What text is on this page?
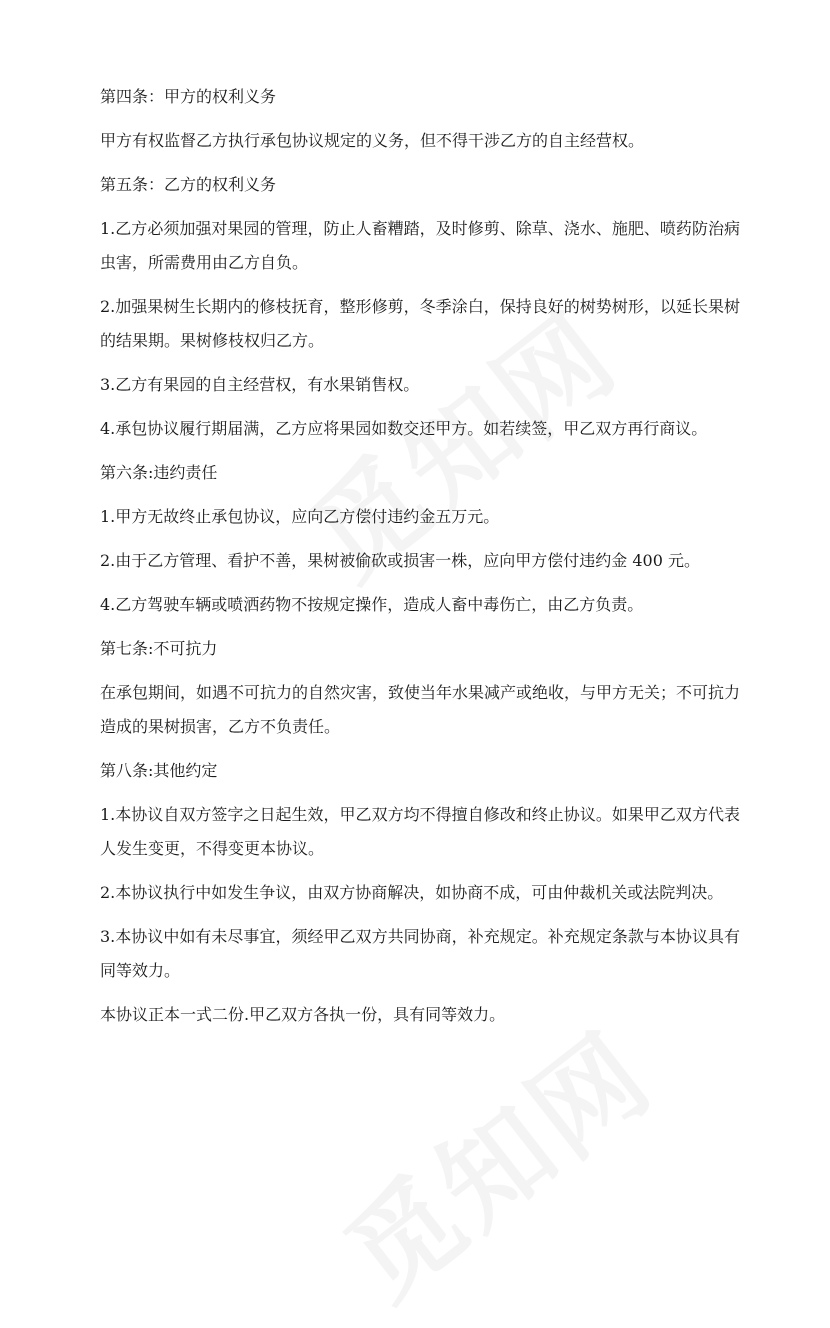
第四条：甲方的权利义务

甲方有权监督乙方执行承包协议规定的义务，但不得干涉乙方的自主经营权。

第五条：乙方的权利义务

1.乙方必须加强对果园的管理，防止人畜糟踏，及时修剪、除草、浇水、施肥、喷药防治病虫害，所需费用由乙方自负。

2.加强果树生长期内的修枝抚育，整形修剪，冬季涂白，保持良好的树势树形，以延长果树的结果期。果树修枝权归乙方。

3.乙方有果园的自主经营权，有水果销售权。

4.承包协议履行期届满，乙方应将果园如数交还甲方。如若续签，甲乙双方再行商议。

第六条:违约责任

1.甲方无故终止承包协议，应向乙方偿付违约金五万元。

2.由于乙方管理、看护不善，果树被偷砍或损害一株，应向甲方偿付违约金 400 元。

4.乙方驾驶车辆或喷洒药物不按规定操作，造成人畜中毒伤亡，由乙方负责。

第七条:不可抗力

在承包期间，如遇不可抗力的自然灾害，致使当年水果减产或绝收，与甲方无关；不可抗力造成的果树损害，乙方不负责任。

第八条:其他约定

1.本协议自双方签字之日起生效，甲乙双方均不得擅自修改和终止协议。如果甲乙双方代表人发生变更，不得变更本协议。

2.本协议执行中如发生争议，由双方协商解决，如协商不成，可由仲裁机关或法院判决。

3.本协议中如有未尽事宜，须经甲乙双方共同协商，补充规定。补充规定条款与本协议具有同等效力。

本协议正本一式二份.甲乙双方各执一份，具有同等效力。
